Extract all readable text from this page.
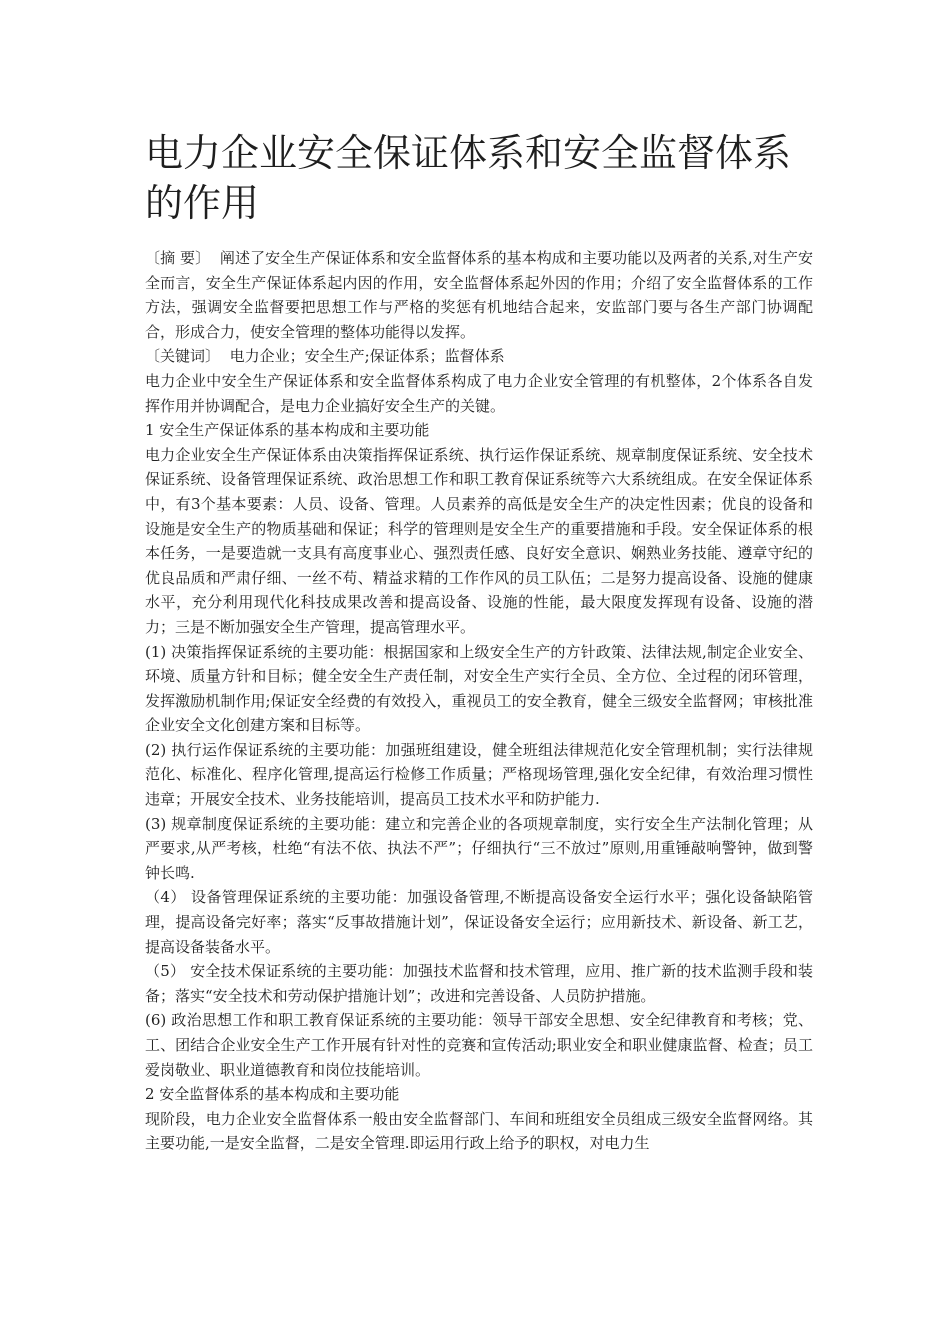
电力企业安全保证体系和安全监督体系的作用

〔摘 要〕 阐述了安全生产保证体系和安全监督体系的基本构成和主要功能以及两者的关系,对生产安全而言，安全生产保证体系起内因的作用，安全监督体系起外因的作用；介绍了安全监督体系的工作方法，强调安全监督要把思想工作与严格的奖惩有机地结合起来，安监部门要与各生产部门协调配合，形成合力，使安全管理的整体功能得以发挥。

〔关键词〕 电力企业；安全生产;保证体系；监督体系

电力企业中安全生产保证体系和安全监督体系构成了电力企业安全管理的有机整体，2个体系各自发挥作用并协调配合，是电力企业搞好安全生产的关键。

1 安全生产保证体系的基本构成和主要功能

电力企业安全生产保证体系由决策指挥保证系统、执行运作保证系统、规章制度保证系统、安全技术保证系统、设备管理保证系统、政治思想工作和职工教育保证系统等六大系统组成。在安全保证体系中，有3个基本要素：人员、设备、管理。人员素养的高低是安全生产的决定性因素；优良的设备和设施是安全生产的物质基础和保证；科学的管理则是安全生产的重要措施和手段。安全保证体系的根本任务，一是要造就一支具有高度事业心、强烈责任感、良好安全意识、娴熟业务技能、遵章守纪的优良品质和严肃仔细、一丝不苟、精益求精的工作作风的员工队伍；二是努力提高设备、设施的健康水平，充分利用现代化科技成果改善和提高设备、设施的性能，最大限度发挥现有设备、设施的潜力；三是不断加强安全生产管理，提高管理水平。

(1) 决策指挥保证系统的主要功能：根据国家和上级安全生产的方针政策、法律法规,制定企业安全、环境、质量方针和目标；健全安全生产责任制，对安全生产实行全员、全方位、全过程的闭环管理，发挥激励机制作用;保证安全经费的有效投入，重视员工的安全教育，健全三级安全监督网；审核批准企业安全文化创建方案和目标等。

(2) 执行运作保证系统的主要功能：加强班组建设，健全班组法律规范化安全管理机制；实行法律规范化、标准化、程序化管理,提高运行检修工作质量；严格现场管理,强化安全纪律，有效治理习惯性违章；开展安全技术、业务技能培训，提高员工技术水平和防护能力.

(3) 规章制度保证系统的主要功能：建立和完善企业的各项规章制度，实行安全生产法制化管理；从严要求,从严考核，杜绝“有法不依、执法不严”；仔细执行“三不放过”原则,用重锤敲响警钟，做到警钟长鸣.

（4） 设备管理保证系统的主要功能：加强设备管理,不断提高设备安全运行水平；强化设备缺陷管理，提高设备完好率；落实“反事故措施计划”，保证设备安全运行；应用新技术、新设备、新工艺，提高设备装备水平。

（5） 安全技术保证系统的主要功能：加强技术监督和技术管理，应用、推广新的技术监测手段和装备；落实“安全技术和劳动保护措施计划”；改进和完善设备、人员防护措施。

(6) 政治思想工作和职工教育保证系统的主要功能：领导干部安全思想、安全纪律教育和考核；党、工、团结合企业安全生产工作开展有针对性的竞赛和宣传活动;职业安全和职业健康监督、检查；员工爱岗敬业、职业道德教育和岗位技能培训。

2 安全监督体系的基本构成和主要功能

现阶段，电力企业安全监督体系一般由安全监督部门、车间和班组安全员组成三级安全监督网络。其主要功能,一是安全监督，二是安全管理.即运用行政上给予的职权，对电力生
